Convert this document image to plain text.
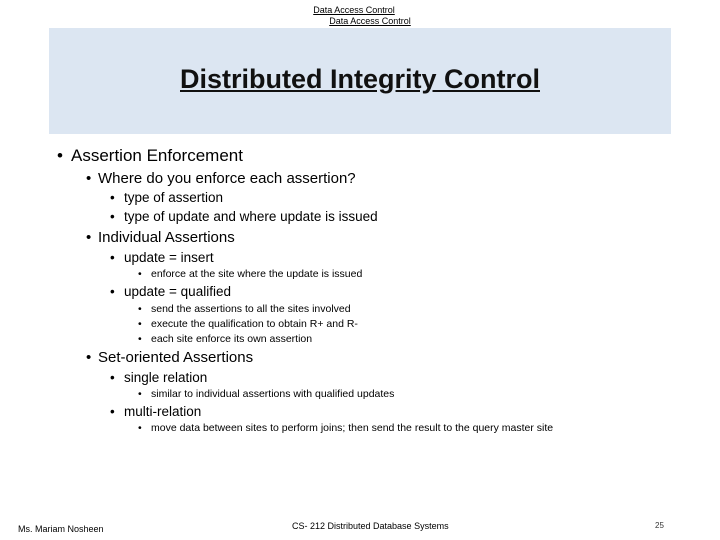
Data Access Control
Data Access Control
Distributed Integrity Control
• Assertion Enforcement
• Where do you enforce each assertion?
• type of assertion
• type of update and where update is issued
• Individual Assertions
• update = insert
• enforce at the site where the update is issued
• update = qualified
• send the assertions to all the sites involved
• execute the qualification to obtain R+ and R-
• each site enforce its own assertion
• Set-oriented Assertions
• single relation
• similar to individual assertions with qualified updates
• multi-relation
• move data between sites to perform joins; then send the result to the query master site
Ms. Mariam Nosheen	CS- 212 Distributed Database Systems	25
